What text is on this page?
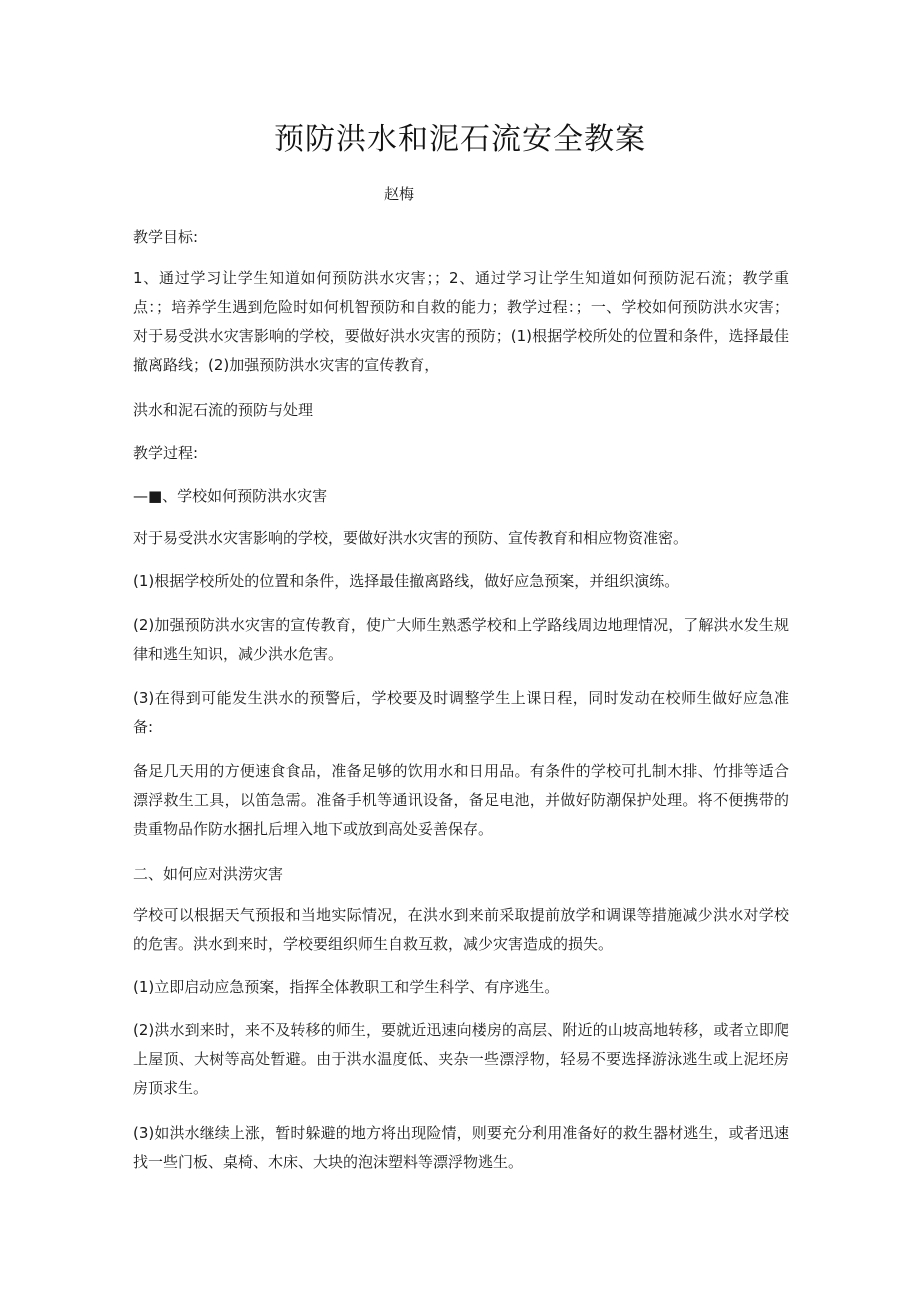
预防洪水和泥石流安全教案
赵梅
教学目标:
1、通过学习让学生知道如何预防洪水灾害；；2、通过学习让学生知道如何预防泥石流；教学重点：；培养学生遇到危险时如何机智预防和自救的能力；教学过程：；一、学校如何预防洪水灾害；对于易受洪水灾害影响的学校，要做好洪水灾害的预防；(1)根据学校所处的位置和条件，选择最佳撤离路线；(2)加强预防洪水灾害的宣传教育，
洪水和泥石流的预防与处理
教学过程:
—■、学校如何预防洪水灾害
对于易受洪水灾害影响的学校，要做好洪水灾害的预防、宣传教育和相应物资准密。
(1)根据学校所处的位置和条件，选择最佳撤离路线，做好应急预案，并组织演练。
(2)加强预防洪水灾害的宣传教育，使广大师生熟悉学校和上学路线周边地理情况，了解洪水发生规律和逃生知识，减少洪水危害。
(3)在得到可能发生洪水的预警后，学校要及时调整学生上课日程，同时发动在校师生做好应急准备:
备足几天用的方便速食食品，准备足够的饮用水和日用品。有条件的学校可扎制木排、竹排等适合漂浮救生工具，以笛急需。准备手机等通讯设备，备足电池，并做好防潮保护处理。将不便携带的贵重物品作防水捆扎后埋入地下或放到高处妥善保存。
二、如何应对洪涝灾害
学校可以根据天气预报和当地实际情况，在洪水到来前采取提前放学和调课等措施减少洪水对学校的危害。洪水到来时，学校要组织师生自救互救，减少灾害造成的损失。
(1)立即启动应急预案，指挥全体教职工和学生科学、有序逃生。
(2)洪水到来时，来不及转移的师生，要就近迅速向楼房的高层、附近的山坡高地转移，或者立即爬上屋顶、大树等高处暂避。由于洪水温度低、夹杂一些漂浮物，轻易不要选择游泳逃生或上泥坯房房顶求生。
(3)如洪水继续上涨，暂时躲避的地方将出现险情，则要充分利用准备好的救生器材逃生，或者迅速找一些门板、桌椅、木床、大块的泡沫塑料等漂浮物逃生。
